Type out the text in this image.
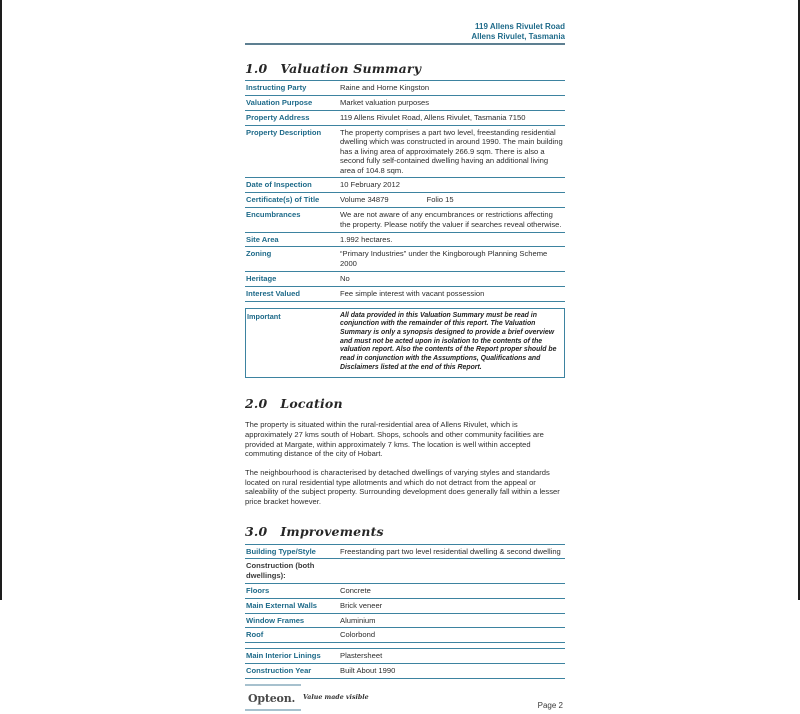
119 Allens Rivulet Road
Allens Rivulet, Tasmania
1.0 Valuation Summary
Instructing Party	Raine and Horne Kingston
Valuation Purpose	Market valuation purposes
Property Address	119 Allens Rivulet Road, Allens Rivulet, Tasmania 7150
Property Description	The property comprises a part two level, freestanding residential dwelling which was constructed in around 1990. The main building has a living area of approximately 266.9 sqm. There is also a second fully self-contained dwelling having an additional living area of 104.8 sqm.
Date of Inspection	10 February 2012
Certificate(s) of Title	Volume 34879	Folio 15
Encumbrances	We are not aware of any encumbrances or restrictions affecting the property. Please notify the valuer if searches reveal otherwise.
Site Area	1.992 hectares.
Zoning	“Primary Industries” under the Kingborough Planning Scheme 2000
Heritage	No
Interest Valued	Fee simple interest with vacant possession
Important	All data provided in this Valuation Summary must be read in conjunction with the remainder of this report. The Valuation Summary is only a synopsis designed to provide a brief overview and must not be acted upon in isolation to the contents of the valuation report. Also the contents of the Report proper should be read in conjunction with the Assumptions, Qualifications and Disclaimers listed at the end of this Report.
2.0 Location

The property is situated within the rural-residential area of Allens Rivulet, which is approximately 27 kms south of Hobart. Shops, schools and other community facilities are provided at Margate, within approximately 7 kms. The location is well within accepted commuting distance of the city of Hobart.

The neighbourhood is characterised by detached dwellings of varying styles and standards located on rural residential type allotments and which do not detract from the appeal or saleability of the subject property. Surrounding development does generally fall within a lesser price bracket however.

3.0 Improvements
Building Type/Style	Freestanding part two level residential dwelling & second dwelling
Construction (both dwellings):
Floors	Concrete
Main External Walls	Brick veneer
Window Frames	Aluminium
Roof	Colorbond
Main Interior Linings	Plastersheet
Construction Year	Built About 1990
Opteon. Value made visible
Page 2
